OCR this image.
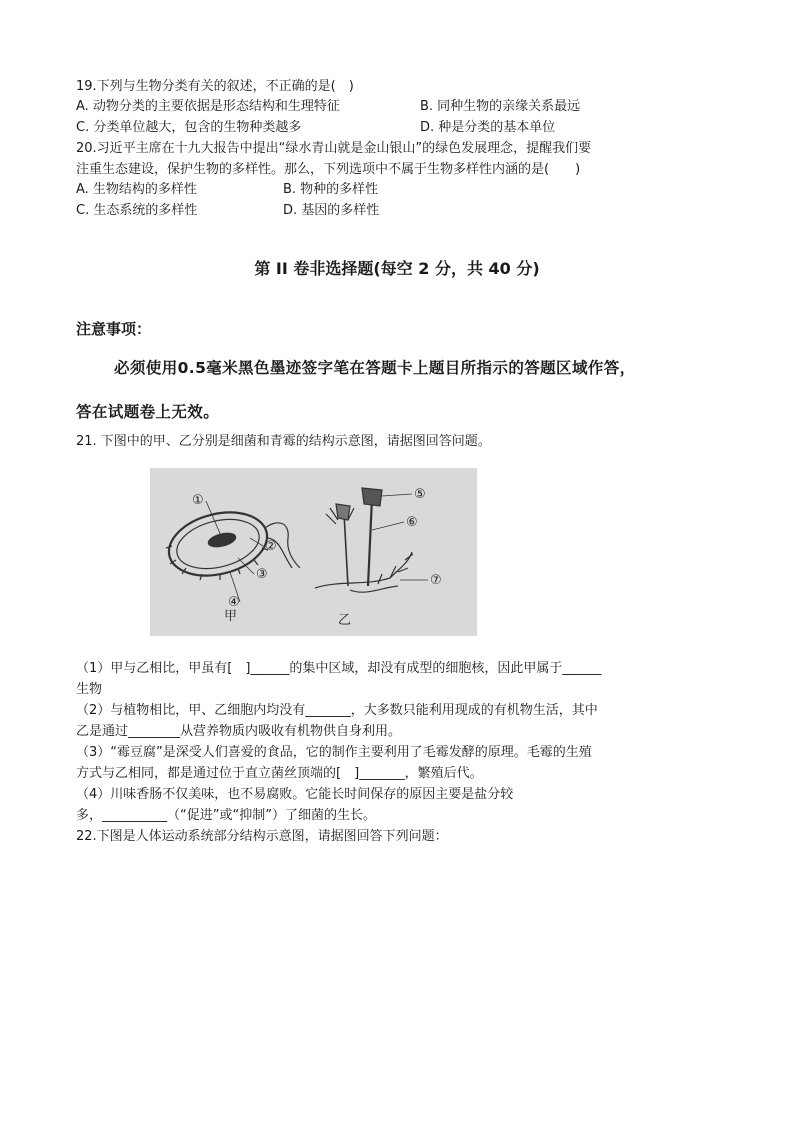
19.下列与生物分类有关的叙述，不正确的是(　)
A. 动物分类的主要依据是形态结构和生理特征	B. 同种生物的亲缘关系最远
C. 分类单位越大，包含的生物种类越多	D. 种是分类的基本单位
20.习近平主席在十九大报告中提出“绿水青山就是金山银山”的绿色发展理念，提醒我们要
注重生态建设，保护生物的多样性。那么，下列选项中不属于生物多样性内涵的是(　　)
A. 生物结构的多样性	B. 物种的多样性
C. 生态系统的多样性	D. 基因的多样性
第 II 卷非选择题(每空 2 分，共 40 分)
注意事项：
必须使用0.5毫米黑色墨迹签字笔在答题卡上题目所指示的答题区域作答，
答在试题卷上无效。
21. 下图中的甲、乙分别是细菌和青霉的结构示意图，请据图回答问题。
①
②
③
④
⑤
⑥
⑦
甲	乙
（1）甲与乙相比，甲虽有[　]______的集中区域，却没有成型的细胞核，因此甲属于______
生物
（2）与植物相比，甲、乙细胞内均没有_______，大多数只能利用现成的有机物生活，其中
乙是通过________从营养物质内吸收有机物供自身利用。
（3）“霉豆腐”是深受人们喜爱的食品，它的制作主要利用了毛霉发酵的原理。毛霉的生殖
方式与乙相同，都是通过位于直立菌丝顶端的[　]_______，繁殖后代。
（4）川味香肠不仅美味，也不易腐败。它能长时间保存的原因主要是盐分较
多，__________（“促进”或“抑制”）了细菌的生长。
22.下图是人体运动系统部分结构示意图，请据图回答下列问题：
